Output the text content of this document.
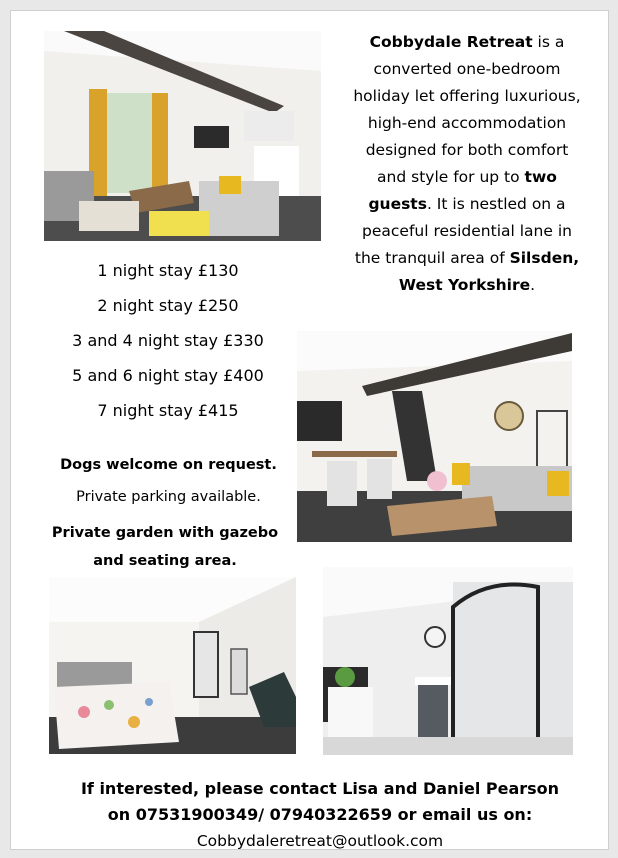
Cobbydale Retreat is a converted one-bedroom holiday let offering luxurious, high-end accommodation designed for both comfort and style for up to two guests. It is nestled on a peaceful residential lane in the tranquil area of Silsden, West Yorkshire.
1 night stay £130
2 night stay £250
3 and 4 night stay £330
5 and 6 night stay £400
7 night stay £415
Dogs welcome on request.
Private parking available.
Private garden with gazebo and seating area.
If interested, please contact Lisa and Daniel Pearson
on 07531900349/ 07940322659 or email us on:
Cobbydaleretreat@outlook.com
